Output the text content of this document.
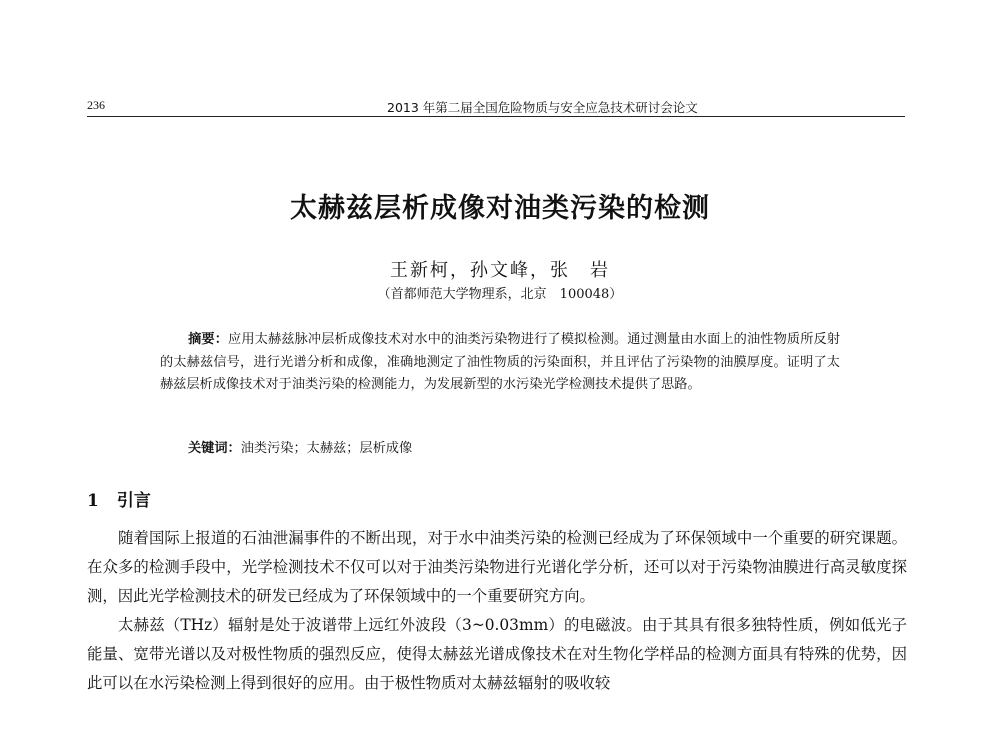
236	2013 年第二届全国危险物质与安全应急技术研讨会论文
太赫兹层析成像对油类污染的检测
王新柯，孙文峰，张　岩
（首都师范大学物理系，北京　100048）
摘要：应用太赫兹脉冲层析成像技术对水中的油类污染物进行了模拟检测。通过测量由水面上的油性物质所反射的太赫兹信号，进行光谱分析和成像，准确地测定了油性物质的污染面积，并且评估了污染物的油膜厚度。证明了太赫兹层析成像技术对于油类污染的检测能力，为发展新型的水污染光学检测技术提供了思路。
关键词：油类污染；太赫兹；层析成像
1 引言

随着国际上报道的石油泄漏事件的不断出现，对于水中油类污染的检测已经成为了环保领域中一个重要的研究课题。在众多的检测手段中，光学检测技术不仅可以对于油类污染物进行光谱化学分析，还可以对于污染物油膜进行高灵敏度探测，因此光学检测技术的研发已经成为了环保领域中的一个重要研究方向。

太赫兹（THz）辐射是处于波谱带上远红外波段（3~0.03mm）的电磁波。由于其具有很多独特性质，例如低光子能量、宽带光谱以及对极性物质的强烈反应，使得太赫兹光谱成像技术在对生物化学样品的检测方面具有特殊的优势，因此可以在水污染检测上得到很好的应用。由于极性物质对太赫兹辐射的吸收较
